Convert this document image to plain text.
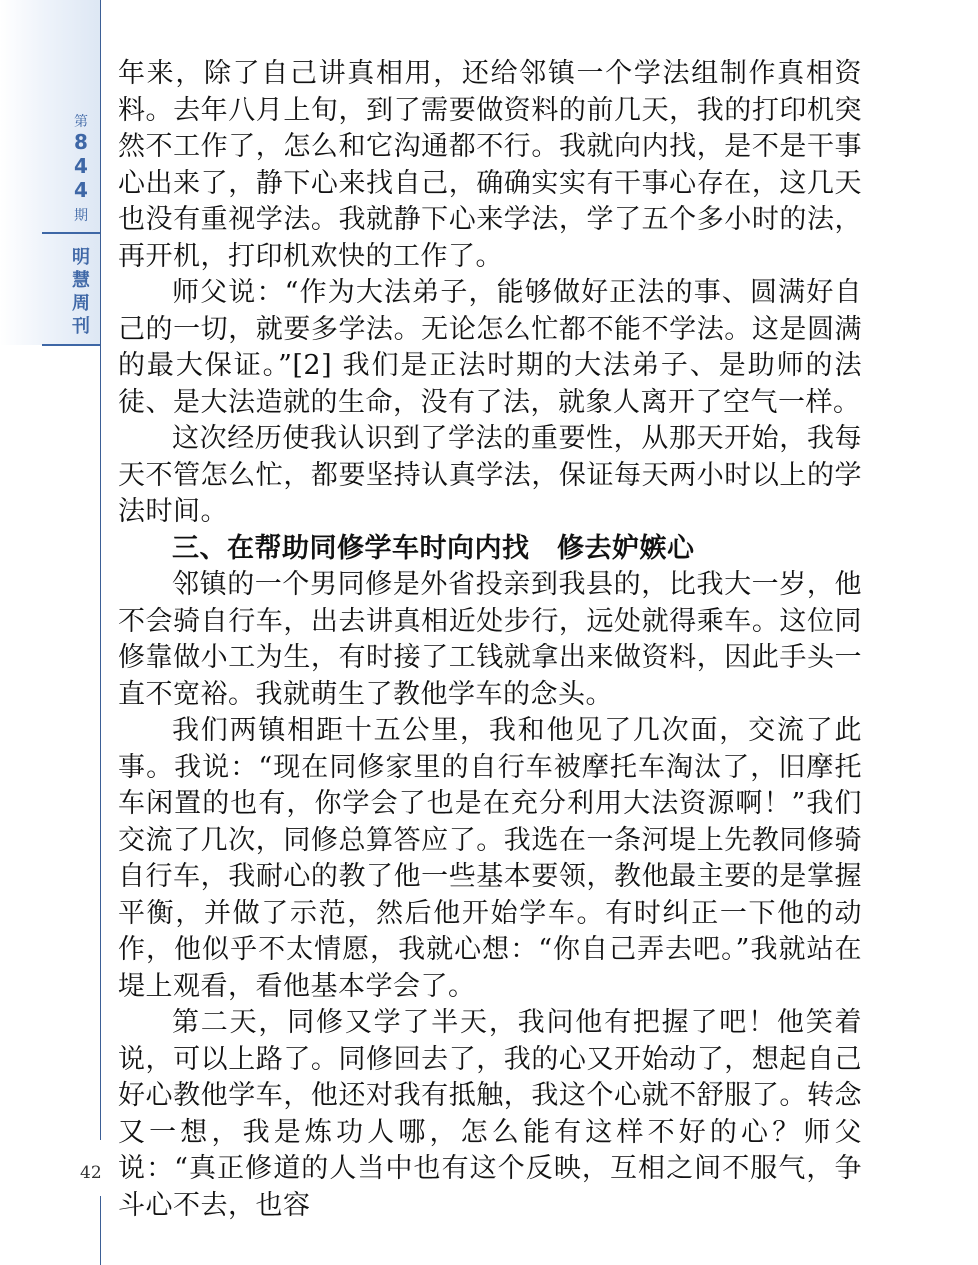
第
8
4
4
期
明
慧
周
刊
42

年来，除了自己讲真相用，还给邻镇一个学法组制作真相资料。去年八月上旬，到了需要做资料的前几天，我的打印机突然不工作了，怎么和它沟通都不行。我就向内找，是不是干事心出来了，静下心来找自己，确确实实有干事心存在，这几天也没有重视学法。我就静下心来学法，学了五个多小时的法，再开机，打印机欢快的工作了。

师父说：“作为大法弟子，能够做好正法的事、圆满好自己的一切，就要多学法。无论怎么忙都不能不学法。这是圆满的最大保证。”[2] 我们是正法时期的大法弟子、是助师的法徒、是大法造就的生命，没有了法，就象人离开了空气一样。

这次经历使我认识到了学法的重要性，从那天开始，我每天不管怎么忙，都要坚持认真学法，保证每天两小时以上的学法时间。

三、在帮助同修学车时向内找　修去妒嫉心

邻镇的一个男同修是外省投亲到我县的，比我大一岁，他不会骑自行车，出去讲真相近处步行，远处就得乘车。这位同修靠做小工为生，有时接了工钱就拿出来做资料，因此手头一直不宽裕。我就萌生了教他学车的念头。

我们两镇相距十五公里，我和他见了几次面，交流了此事。我说：“现在同修家里的自行车被摩托车淘汰了，旧摩托车闲置的也有，你学会了也是在充分利用大法资源啊！”我们交流了几次，同修总算答应了。我选在一条河堤上先教同修骑自行车，我耐心的教了他一些基本要领，教他最主要的是掌握平衡，并做了示范，然后他开始学车。有时纠正一下他的动作，他似乎不太情愿，我就心想：“你自己弄去吧。”我就站在堤上观看，看他基本学会了。

第二天，同修又学了半天，我问他有把握了吧！他笑着说，可以上路了。同修回去了，我的心又开始动了，想起自己好心教他学车，他还对我有抵触，我这个心就不舒服了。转念又一想，我是炼功人哪，怎么能有这样不好的心？师父说：“真正修道的人当中也有这个反映，互相之间不服气，争斗心不去，也容
